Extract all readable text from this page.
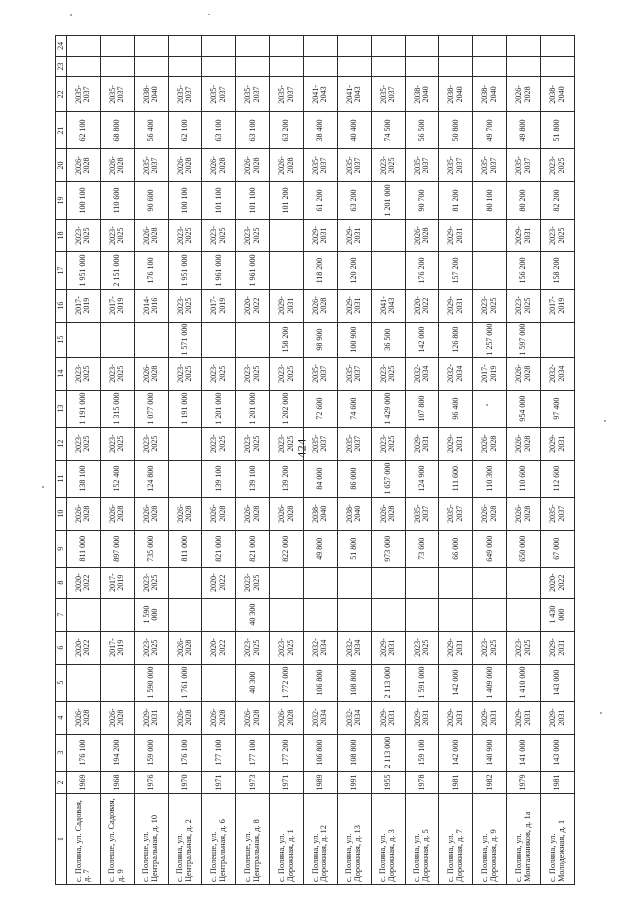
424
1	2	3	4	5	6	7	8	9	10	11	12	13	14	15	16	17	18	19	20	21	22	23	24
с. Поляна, ул. Садовая, д. 7	1969	176 100	2026-2028		2020-2022		2020-2022	811 000	2026-2028	138 100	2023-2025	1 191 000	2023-2025		2017-2019	1 951 000	2023-2025	100 100	2026-2028	62 100	2035-2037		
с. Полеше, ул. Садовая, д. 9	1968	194 200	2026-2028		2017-2019		2017-2019	897 000	2026-2028	152 400	2023-2025	1 315 000	2023-2025		2017-2019	2 151 000	2023-2025	110 600	2026-2028	68 800	2035-2037		
с. Полеше, ул. Центральная, д. 10	1976	159 000	2029-2031	1 590 000	2023-2025	1 590 000	2023-2025	735 000	2026-2028	124 800	2023-2025	1 077 000	2026-2028		2014-2016	176 100	2026-2028	90 600	2035-2037	56 400	2038-2040		
с. Поляна, ул. Центральная, д. 2	1970	176 100	2026-2028	1 761 000	2026-2028			811 000	2026-2028			1 191 000	2023-2025	1 571 000	2023-2025	1 951 000	2023-2025	100 100	2026-2028	62 100	2035-2037		
с. Полеше, ул. Центральная, д. 6	1971	177 100	2026-2028		2020-2022		2020-2022	821 000	2026-2028	139 100	2023-2025	1 201 000	2023-2025		2017-2019	1 961 000	2023-2025	101 100	2026-2028	63 100	2035-2037		
с. Полеше, ул. Центральная, д. 8	1973	177 100	2026-2028	40 300	2023-2025	40 300	2023-2025	821 000	2026-2028	139 100	2023-2025	1 201 000	2023-2025		2020-2022	1 961 000	2023-2025	101 100	2026-2028	63 100	2035-2037		
с. Поляна, ул. Дорожная, д. 1	1971	177 200	2026-2028	1 772 000	2023-2025			822 000	2026-2028	139 200	2023-2025	1 202 000	2023-2025	158 200	2029-2031			101 200	2026-2028	63 200	2035-2037		
с. Поляна, ул. Дорожная, д. 12	1989	106 800	2032-2034	106 800	2032-2034			49 800	2038-2040	84 000	2035-2037	72 600	2035-2037	98 900	2026-2028	118 200	2029-2031	61 200	2035-2037	38 400	2041-2043		
с. Поляна, ул. Дорожная, д. 13	1991	108 800	2032-2034	108 800	2032-2034			51 800	2038-2040	86 000	2035-2037	74 600	2035-2037	100 900	2029-2031	120 200	2029-2031	63 200	2035-2037	40 400	2041-2043		
с. Поляна, ул. Дорожная, д. 3	1955	2 113 000	2029-2031	2 113 000	2029-2031			973 000	2026-2028	1 657 000	2023-2025	1 429 000	2023-2025	36 500	2041-2043			1 201 000	2023-2025	74 500	2035-2037		
с. Поляна, ул. Дорожная, д. 5	1978	159 100	2029-2031	1 591 000	2023-2025			73 600	2035-2037	124 900	2029-2031	107 800	2032-2034	142 000	2020-2022	176 200	2026-2028	90 700	2035-2037	56 500	2038-2040		
с. Поляна, ул. Дорожная, д. 7	1981	142 000	2029-2031	142 000	2029-2031			66 000	2035-2037	111 600	2029-2031	96 400	2032-2034	126 800	2029-2031	157 200	2029-2031	81 200	2035-2037	50 800	2038-2040		
с. Поляна, ул. Дорожная, д. 9	1982	140 900	2029-2031	1 409 000	2023-2025			649 000	2026-2028	110 300	2026-2028		2017-2019	1 257 000	2023-2025			80 100	2035-2037	49 700	2038-2040		
с. Поляна, ул. Монтажников, д. 1а	1979	141 000	2029-2031	1 410 000	2023-2025			650 000	2026-2028	110 600	2026-2028	954 000	2026-2028	1 597 000	2023-2025	156 200	2029-2031	80 200	2035-2037	49 800	2026-2028		
с. Поляна, ул. Молодежная, д. 1	1981	143 000	2029-2031	143 000	2029-2031	1 430 000	2020-2022	67 000	2035-2037	112 600	2029-2031	97 400	2032-2034		2017-2019	158 200	2023-2025	82 200	2023-2025	51 800	2038-2040		
